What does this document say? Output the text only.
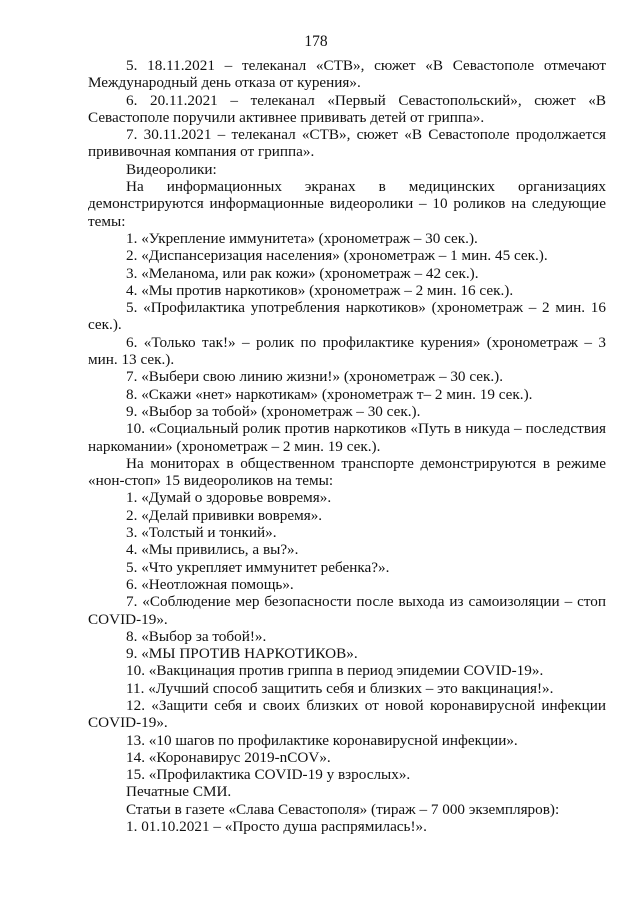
178

5. 18.11.2021 – телеканал «СТВ», сюжет «В Севастополе отмечают Международный день отказа от курения».

6. 20.11.2021 – телеканал «Первый Севастопольский», сюжет «В Севастополе поручили активнее прививать детей от гриппа».

7. 30.11.2021 – телеканал «СТВ», сюжет «В Севастополе продолжается прививочная компания от гриппа».

Видеоролики:

На информационных экранах в медицинских организациях демонстрируются информационные видеоролики – 10 роликов на следующие темы:

1. «Укрепление иммунитета» (хронометраж – 30 сек.).

2. «Диспансеризация населения» (хронометраж – 1 мин. 45 сек.).

3. «Меланома, или рак кожи» (хронометраж – 42 сек.).

4. «Мы против наркотиков» (хронометраж – 2 мин. 16 сек.).

5. «Профилактика употребления наркотиков» (хронометраж – 2 мин. 16 сек.).

6. «Только так!» – ролик по профилактике курения» (хронометраж – 3 мин. 13 сек.).

7. «Выбери свою линию жизни!» (хронометраж – 30 сек.).

8. «Скажи «нет» наркотикам» (хронометраж т– 2 мин. 19 сек.).

9. «Выбор за тобой» (хронометраж – 30 сек.).

10. «Социальный ролик против наркотиков «Путь в никуда – последствия наркомании» (хронометраж – 2 мин. 19 сек.).

На мониторах в общественном транспорте демонстрируются в режиме «нон-стоп» 15 видеороликов на темы:

1. «Думай о здоровье вовремя».

2. «Делай прививки вовремя».

3. «Толстый и тонкий».

4. «Мы привились, а вы?».

5. «Что укрепляет иммунитет ребенка?».

6. «Неотложная помощь».

7. «Соблюдение мер безопасности после выхода из самоизоляции – стоп COVID-19».

8. «Выбор за тобой!».

9. «МЫ ПРОТИВ НАРКОТИКОВ».

10. «Вакцинация против гриппа в период эпидемии COVID-19».

11. «Лучший способ защитить себя и близких – это вакцинация!».

12. «Защити себя и своих близких от новой коронавирусной инфекции COVID-19».

13. «10 шагов по профилактике коронавирусной инфекции».

14. «Коронавирус 2019-nCOV».

15. «Профилактика COVID-19 у взрослых».

Печатные СМИ.

Статьи в газете «Слава Севастополя» (тираж – 7 000 экземпляров):

1. 01.10.2021 – «Просто душа распрямилась!».
